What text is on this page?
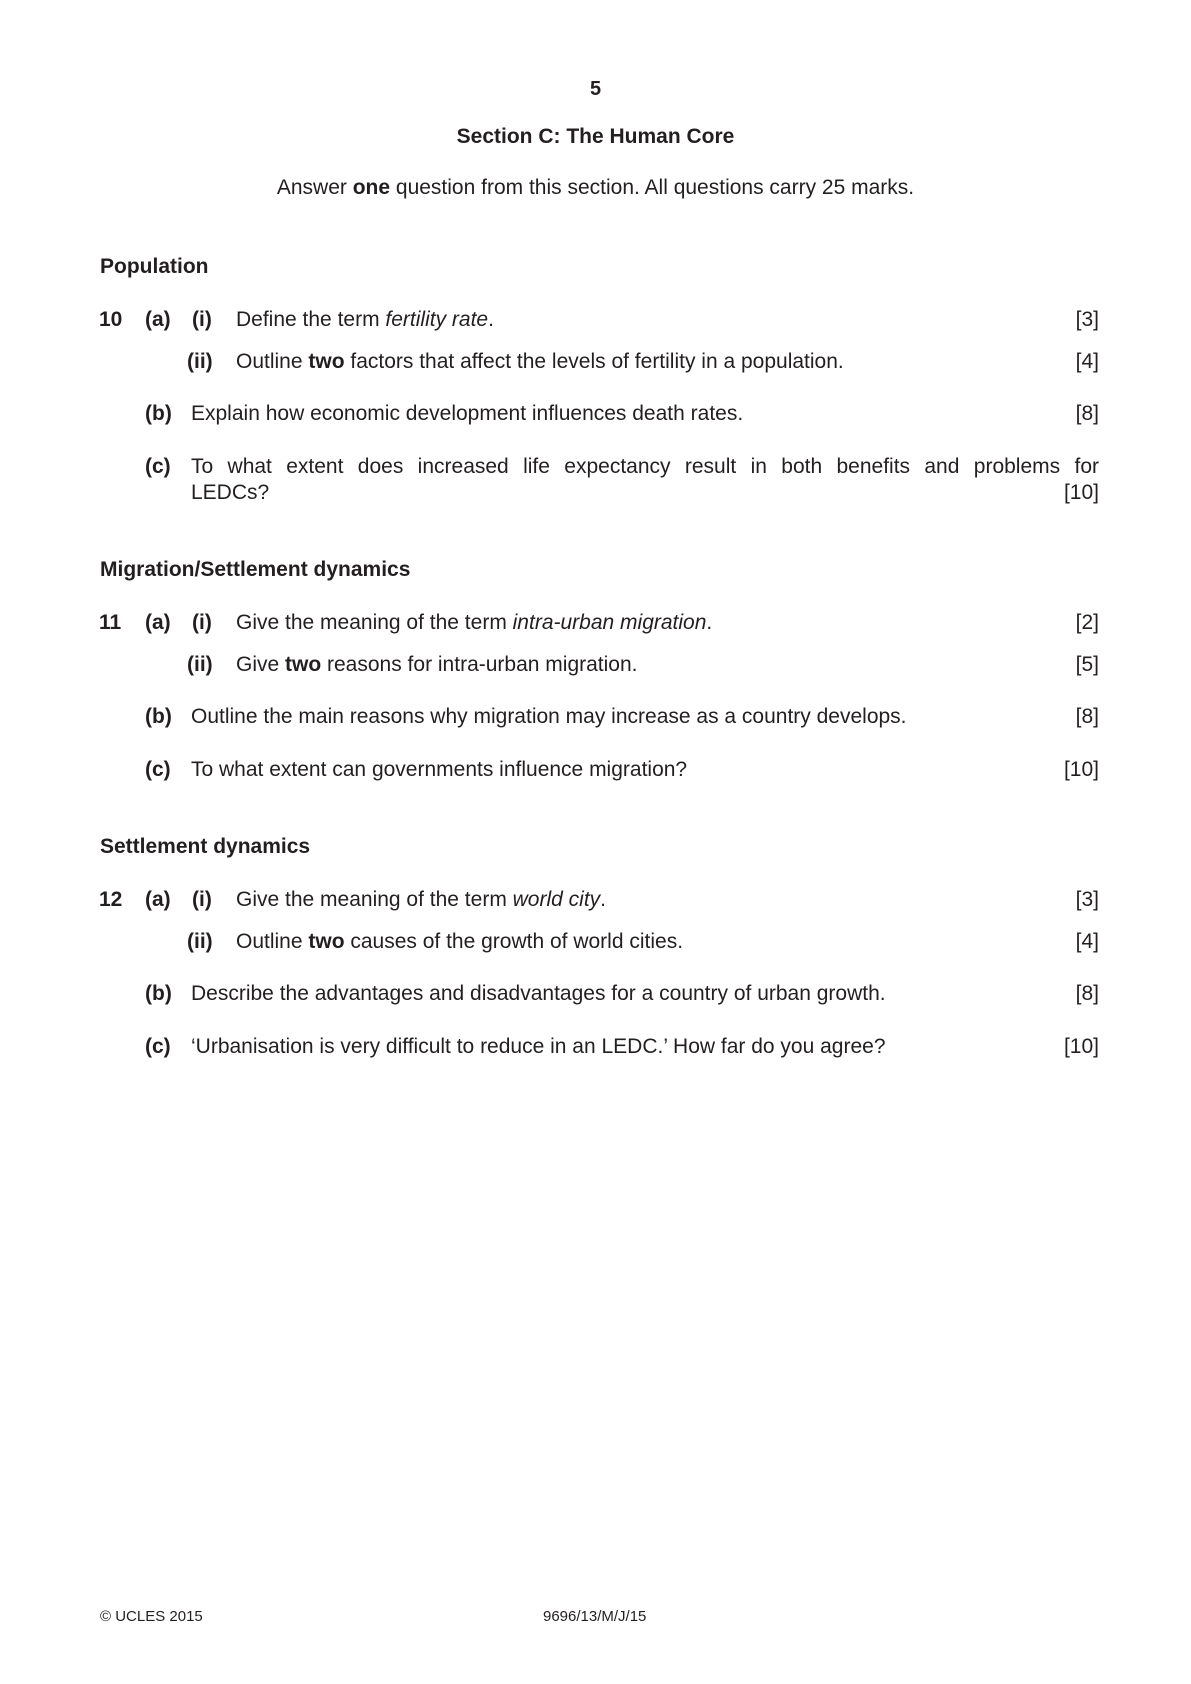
5
Section C: The Human Core
Answer one question from this section. All questions carry 25 marks.
Population
10 (a) (i) Define the term fertility rate.	[3]
(ii) Outline two factors that affect the levels of fertility in a population.	[4]
(b) Explain how economic development influences death rates.	[8]
(c) To what extent does increased life expectancy result in both benefits and problems for
LEDCs?	[10]
Migration/Settlement dynamics
11 (a) (i) Give the meaning of the term intra-urban migration.	[2]
(ii) Give two reasons for intra-urban migration.	[5]
(b) Outline the main reasons why migration may increase as a country develops.	[8]
(c) To what extent can governments influence migration?	[10]
Settlement dynamics
12 (a) (i) Give the meaning of the term world city.	[3]
(ii) Outline two causes of the growth of world cities.	[4]
(b) Describe the advantages and disadvantages for a country of urban growth.	[8]
(c) ‘Urbanisation is very difficult to reduce in an LEDC.’ How far do you agree?	[10]
© UCLES 2015	9696/13/M/J/15
